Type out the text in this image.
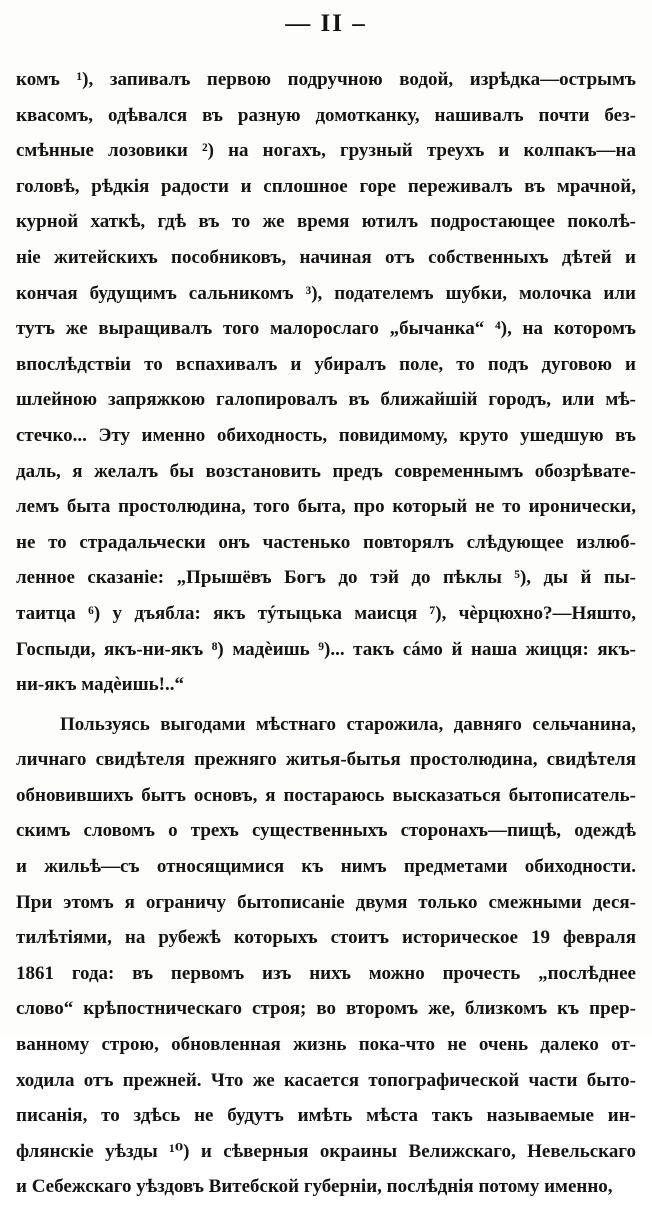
— II –
комъ ¹), запивалъ первою подручною водой, изрѣдка—острымъ
квасомъ, одѣвался въ разную домотканку, нашивалъ почти без-
смѣнные лозовики ²) на ногахъ, грузный треухъ и колпакъ—на
головѣ, рѣдкія радости и сплошное горе переживалъ въ мрачной,
курной хаткѣ, гдѣ въ то же время ютилъ подростающее поколѣ-
ніе житейскихъ пособниковъ, начиная отъ собственныхъ дѣтей и
кончая будущимъ сальникомъ ³), подателемъ шубки, молочка или
тутъ же выращивалъ того малорослаго „бычанка“ ⁴), на которомъ
впослѣдствіи то вспахивалъ и убиралъ поле, то подъ дуговою и
шлейною запряжкою галопировалъ въ ближайшій городъ, или мѣ-
стечко... Эту именно обиходность, повидимому, круто ушедшую въ
даль, я желалъ бы возстановить предъ современнымъ обозрѣвате-
лемъ быта простолюдина, того быта, про который не то иронически,
не то страдальчески онъ частенько повторялъ слѣдующее излюб-
ленное сказаніе: „Прышёвъ Богъ до тэй до пѣклы ⁵), ды й пы-
таитца ⁶) у дъябла: якъ тýтыцька маисця ⁷), чѐрцюхно?—Няшто,
Госпыди, якъ-ни-якъ ⁸) мадѐишь ⁹)... такъ сáмо й наша жицця: якъ-
ни-якъ мадѐишь!..“
Пользуясь выгодами мѣстнаго старожила, давняго сельчанина,
личнаго свидѣтеля прежняго житья-бытья простолюдина, свидѣтеля
обновившихъ бытъ основъ, я постараюсь высказаться бытописатель-
скимъ словомъ о трехъ существенныхъ сторонахъ—пищѣ, одеждѣ
и жильѣ—съ относящимися къ нимъ предметами обиходности.
При этомъ я ограничу бытописаніе двумя только смежными деся-
тилѣтіями, на рубежѣ которыхъ стоитъ историческое 19 февраля
1861 года: въ первомъ изъ нихъ можно прочесть „послѣднее
слово“ крѣпостническаго строя; во второмъ же, близкомъ къ прер-
ванному строю, обновленная жизнь пока-что не очень далеко от-
ходила отъ прежней. Что же касается топографической части быто-
писанія, то здѣсь не будутъ имѣть мѣста такъ называемые ин-
флянскіе уѣзды ¹⁰) и сѣверныя окраины Велижскаго, Невельскаго
и Себежскаго уѣздовъ Витебской губерніи, послѣднія потому именно,
